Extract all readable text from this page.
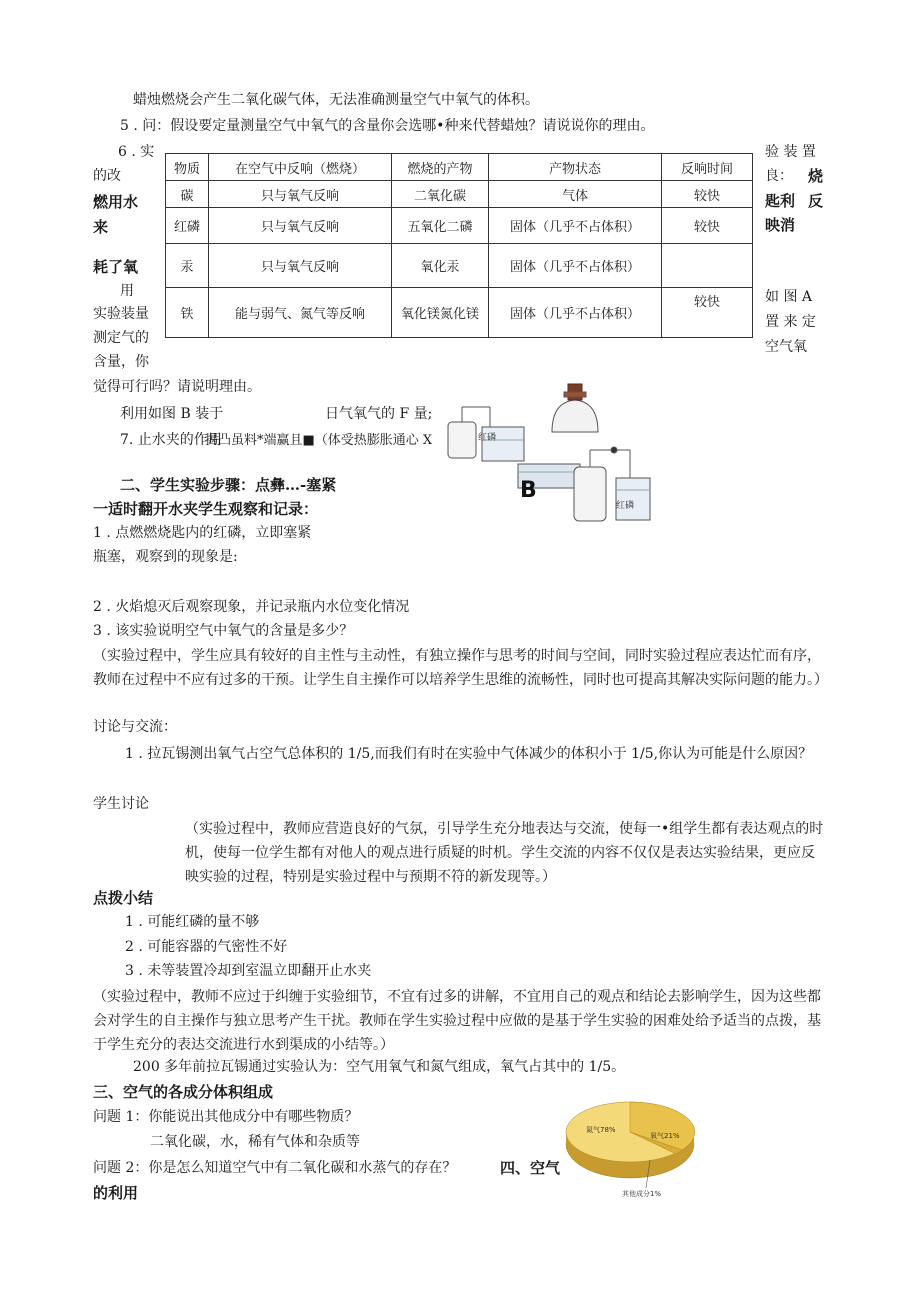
蜡烛燃烧会产生二氧化碳气体，无法准确测量空气中氧气的体积。
5 . 问：假设要定量测量空气中氧气的含量你会选哪•种来代替蜡烛？请说说你的理由。
6 . 实
的改
燃用水
来
耗了氧
用
实验装量
测定气的
含量，你
物质	在空气中反响（燃烧）	燃烧的产物	产物状态	反响时间
碳	只与氧气反响	二氧化碳	气体	较快
红磷	只与氧气反响	五氧化二磷	固体（几乎不占体积）	较快
汞	只与氧气反响	氧化汞	固体（几乎不占体积）	
铁	能与弱气、氮气等反响	氧化镁氮化镁	固体（几乎不占体积）	较快
验 装 置
良： 烧
匙利 反
映消
如 图 A
置 来 定
空气氧
觉得可行吗？请说明理由。
利用如图 B 装于	日气氧气的 F 量;
7. 止水夹的作用
揭凸虽料*端赢且■（体受热膨胀通心 X	红磷
B
红磷
二、学生实验步骤：点彝…-塞紧
一适时翻开水夹学生观察和记录：
1 . 点燃燃烧匙内的红磷，立即塞紧
瓶塞，观察到的现象是:
2 . 火焰熄灭后观察现象，并记录瓶内水位变化情况
3 . 该实验说明空气中氧气的含量是多少？
（实验过程中，学生应具有较好的自主性与主动性，有独立操作与思考的时间与空间，同时实验过程应表达忙而有序，教师在过程中不应有过多的干预。让学生自主操作可以培养学生思维的流畅性，同时也可提高其解决实际问题的能力。）
讨论与交流：
1 . 拉瓦锡测出氧气占空气总体积的 1/5,而我们有时在实验中气体减少的体积小于 1/5,你认为可能是什么原因？
学生讨论
（实验过程中，教师应营造良好的气氛，引导学生充分地表达与交流，使每一•组学生都有表达观点的时机，使每一位学生都有对他人的观点进行质疑的时机。学生交流的内容不仅仅是表达实验结果，更应反映实验的过程，特别是实验过程中与预期不符的新发现等。）
点拨小结
1 . 可能红磷的量不够
2 . 可能容器的气密性不好
3 . 未等装置冷却到室温立即翻开止水夹
（实验过程中，教师不应过于纠缠于实验细节，不宜有过多的讲解，不宜用自己的观点和结论去影响学生，因为这些都会对学生的自主操作与独立思考产生干扰。教师在学生实验过程中应做的是基于学生实验的困难处给予适当的点拨，基于学生充分的表达交流进行水到渠成的小结等。）
200 多年前拉瓦锡通过实验认为：空气用氧气和氮气组成，氧气占其中的 1/5。
三、空气的各成分体积组成
问题 1：你能说出其他成分中有哪些物质？
二氧化碳，水，稀有气体和杂质等
问题 2：你是怎么知道空气中有二氧化碳和水蒸气的存在？	四、空气
的利用
氮气78%
氧气21%
其他成分1%
